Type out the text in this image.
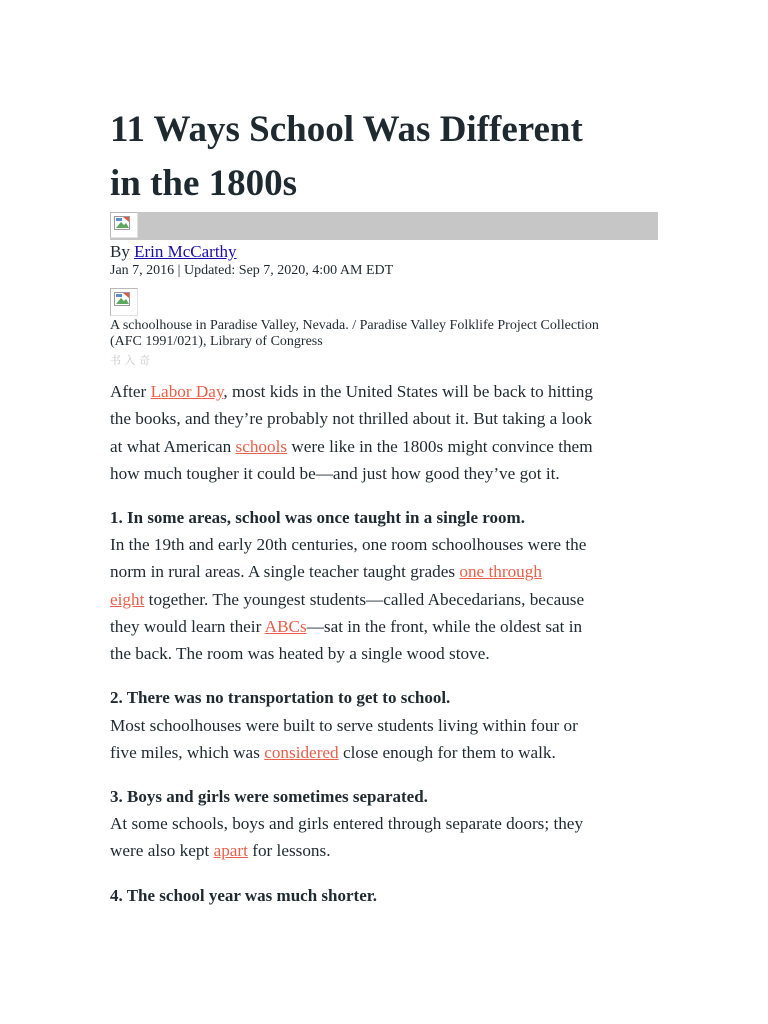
11 Ways School Was Different
in the 1800s
By Erin McCarthy
Jan 7, 2016 | Updated: Sep 7, 2020, 4:00 AM EDT
A schoolhouse in Paradise Valley, Nevada. / Paradise Valley Folklife Project Collection
(AFC 1991/021), Library of Congress
书 入 奇

After Labor Day, most kids in the United States will be back to hitting

the books, and they’re probably not thrilled about it. But taking a look

at what American schools were like in the 1800s might convince them

how much tougher it could be—and just how good they’ve got it.

1. In some areas, school was once taught in a single room.

In the 19th and early 20th centuries, one room schoolhouses were the

norm in rural areas. A single teacher taught grades one through

eight together. The youngest students—called Abecedarians, because

they would learn their ABCs—sat in the front, while the oldest sat in

the back. The room was heated by a single wood stove.

2. There was no transportation to get to school.

Most schoolhouses were built to serve students living within four or

five miles, which was considered close enough for them to walk.

3. Boys and girls were sometimes separated.

At some schools, boys and girls entered through separate doors; they

were also kept apart for lessons.

4. The school year was much shorter.
